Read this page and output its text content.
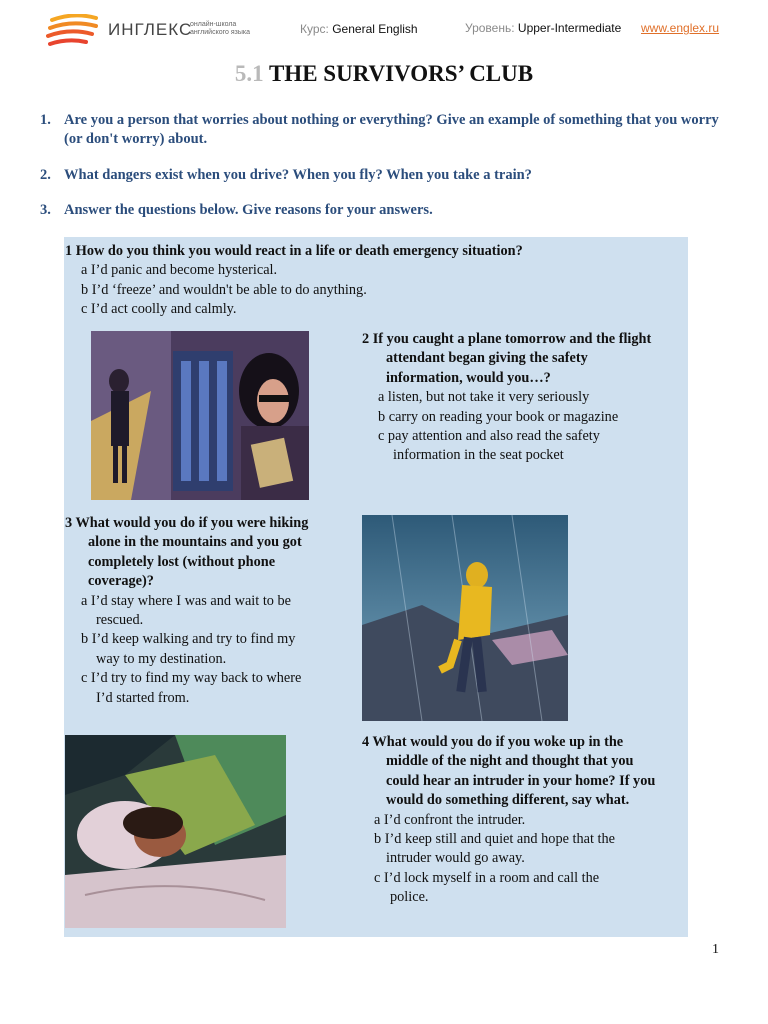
ИНГЛЕКС
онлайн-школа английского языка	Курс: General English	Уровень: Upper-Intermediate www.englex.ru
5.1 THE SURVIVORS’ CLUB
1. Are you a person that worries about nothing or everything? Give an example of something that you worry (or don't worry) about.
2. What dangers exist when you drive? When you fly? When you take a train?
3. Answer the questions below. Give reasons for your answers.
1 How do you think you would react in a life or death emergency situation?
a I’d panic and become hysterical.
b I’d ‘freeze’ and wouldn't be able to do anything.
c I’d act coolly and calmly.
2 If you caught a plane tomorrow and the flight
attendant began giving the safety
information, would you…?
a listen, but not take it very seriously
b carry on reading your book or magazine
c pay attention and also read the safety
information in the seat pocket
3 What would you do if you were hiking
alone in the mountains and you got
completely lost (without phone
coverage)?
a I’d stay where I was and wait to be
rescued.
b I’d keep walking and try to find my
way to my destination.
c I’d try to find my way back to where
I’d started from.
4 What would you do if you woke up in the
middle of the night and thought that you
could hear an intruder in your home? If you
would do something different, say what.
a I’d confront the intruder.
b I’d keep still and quiet and hope that the
intruder would go away.
c I’d lock myself in a room and call the
police.
1
